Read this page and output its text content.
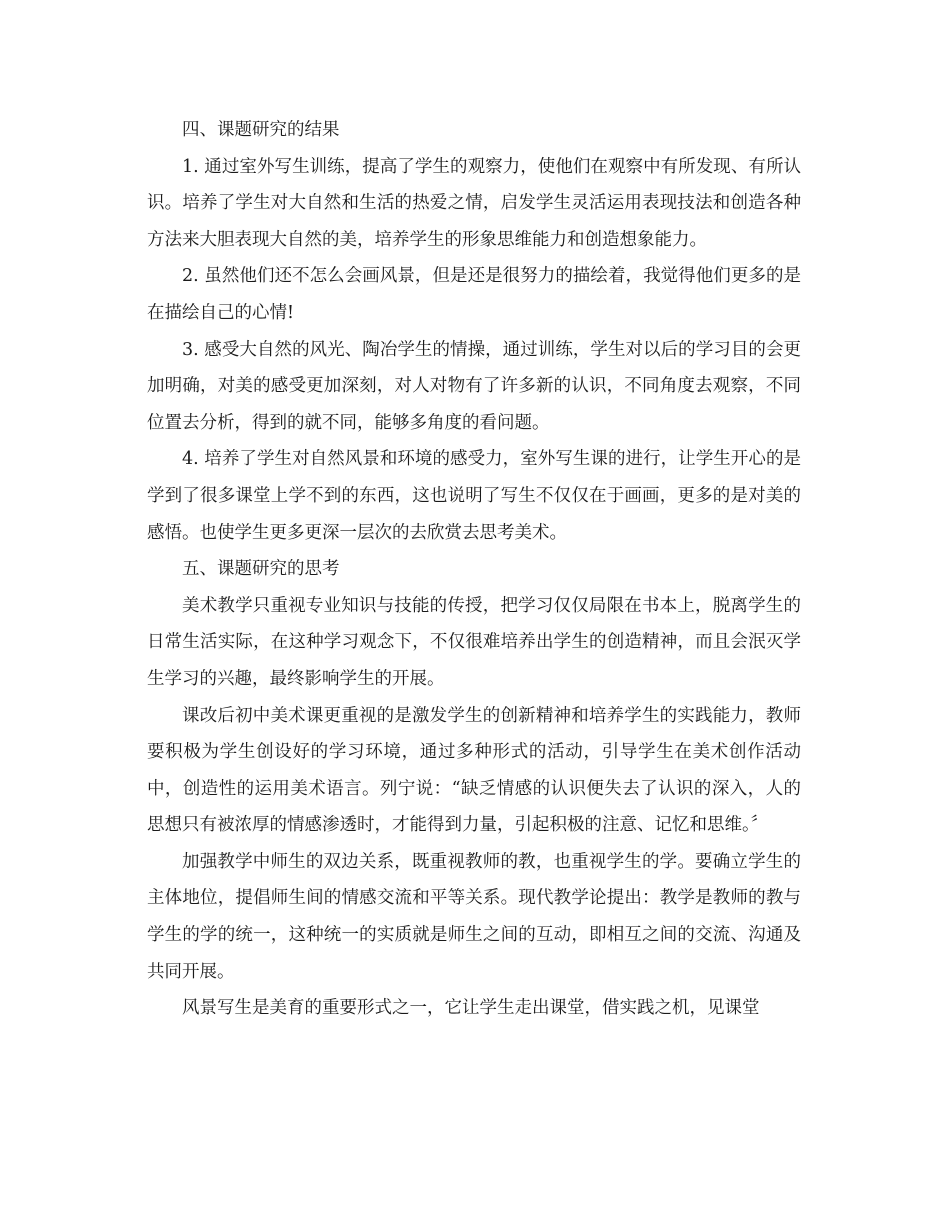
四、课题研究的结果

1. 通过室外写生训练，提高了学生的观察力，使他们在观察中有所发现、有所认识。培养了学生对大自然和生活的热爱之情，启发学生灵活运用表现技法和创造各种方法来大胆表现大自然的美，培养学生的形象思维能力和创造想象能力。

2. 虽然他们还不怎么会画风景，但是还是很努力的描绘着，我觉得他们更多的是在描绘自己的心情!

3. 感受大自然的风光、陶冶学生的情操，通过训练，学生对以后的学习目的会更加明确，对美的感受更加深刻，对人对物有了许多新的认识，不同角度去观察，不同位置去分析，得到的就不同，能够多角度的看问题。

4. 培养了学生对自然风景和环境的感受力，室外写生课的进行，让学生开心的是学到了很多课堂上学不到的东西，这也说明了写生不仅仅在于画画，更多的是对美的感悟。也使学生更多更深一层次的去欣赏去思考美术。

五、课题研究的思考

美术教学只重视专业知识与技能的传授，把学习仅仅局限在书本上，脱离学生的日常生活实际，在这种学习观念下，不仅很难培养出学生的创造精神，而且会泯灭学生学习的兴趣，最终影响学生的开展。

课改后初中美术课更重视的是激发学生的创新精神和培养学生的实践能力，教师要积极为学生创设好的学习环境，通过多种形式的活动，引导学生在美术创作活动中，创造性的运用美术语言。列宁说：“缺乏情感的认识便失去了认识的深入，人的思想只有被浓厚的情感渗透时，才能得到力量，引起积极的注意、记忆和思维。〞

加强教学中师生的双边关系，既重视教师的教，也重视学生的学。要确立学生的主体地位，提倡师生间的情感交流和平等关系。现代教学论提出：教学是教师的教与学生的学的统一，这种统一的实质就是师生之间的互动，即相互之间的交流、沟通及共同开展。

风景写生是美育的重要形式之一，它让学生走出课堂，借实践之机，见课堂
